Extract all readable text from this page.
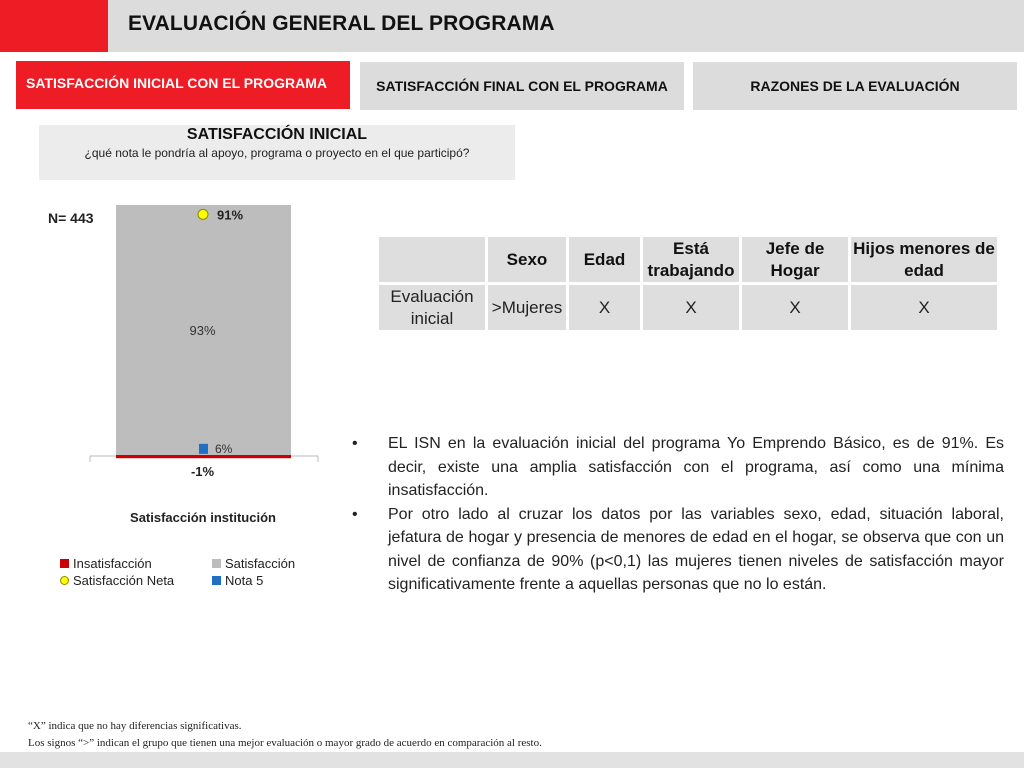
EVALUACIÓN GENERAL DEL PROGRAMA
SATISFACCIÓN INICIAL CON EL PROGRAMA	SATISFACCIÓN FINAL CON EL PROGRAMA	RAZONES DE LA EVALUACIÓN
SATISFACCIÓN INICIAL
¿qué nota le pondría al apoyo, programa o proyecto en el que participó?
N= 443
93%
91%
6%
-1%
Satisfacción institución
Insatisfacción	Satisfacción
Satisfacción Neta	Nota 5
	Sexo	Edad	Está trabajando	Jefe de Hogar	Hijos menores de edad
Evaluación inicial	>Mujeres	X	X	X	X
• EL ISN en la evaluación inicial del programa Yo Emprendo Básico, es de 91%. Es decir, existe una amplia satisfacción con el programa, así como una mínima insatisfacción.
• Por otro lado al cruzar los datos por las variables sexo, edad, situación laboral, jefatura de hogar y presencia de menores de edad en el hogar, se observa que con un nivel de confianza de 90% (p<0,1) las mujeres tienen niveles de satisfacción mayor significativamente frente a aquellas personas que no lo están.
“X” indica que no hay diferencias significativas.
Los signos “>” indican el grupo que tienen una mejor evaluación o mayor grado de acuerdo en comparación al resto.
